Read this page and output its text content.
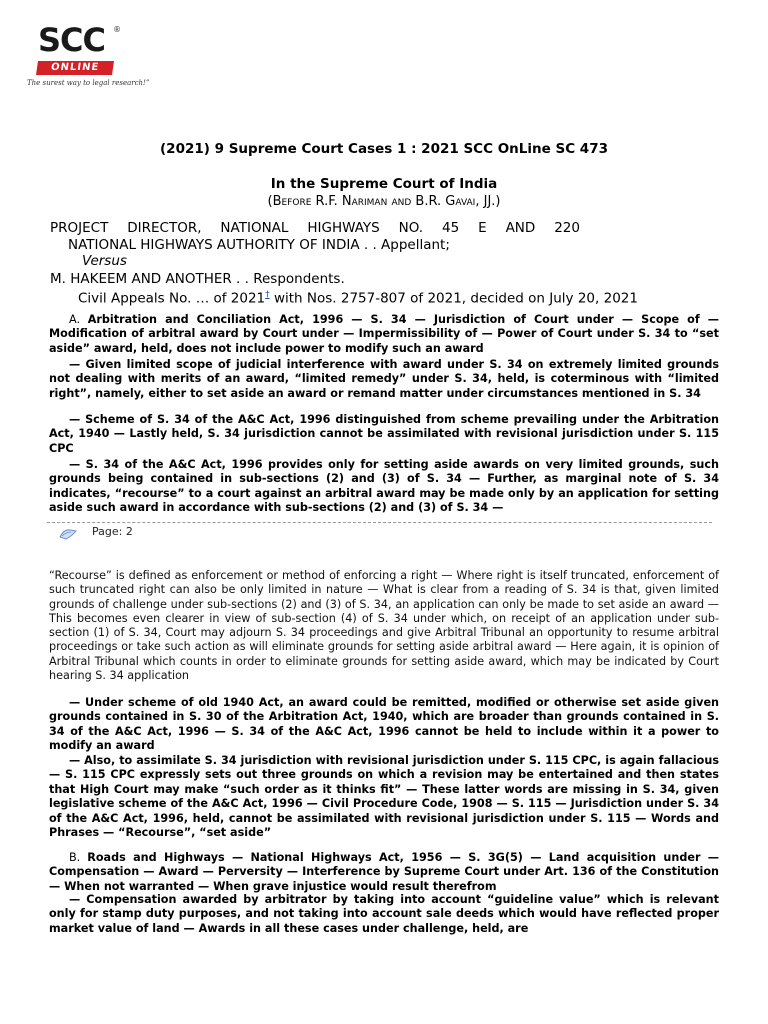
SCC ®
ONLINE
The surest way to legal research!”
(2021) 9 Supreme Court Cases 1 : 2021 SCC OnLine SC 473
In the Supreme Court of India
(Before R.F. Nariman and B.R. Gavai, JJ.)
PROJECT DIRECTOR, NATIONAL HIGHWAYS NO. 45 E AND 220
NATIONAL HIGHWAYS AUTHORITY OF INDIA . . Appellant;
Versus
M. HAKEEM AND ANOTHER . . Respondents.
Civil Appeals No. … of 2021† with Nos. 2757-807 of 2021, decided on July 20, 2021
A. Arbitration and Conciliation Act, 1996 — S. 34 — Jurisdiction of Court under — Scope of — Modification of arbitral award by Court under — Impermissibility of — Power of Court under S. 34 to “set aside” award, held, does not include power to modify such an award
— Given limited scope of judicial interference with award under S. 34 on extremely limited grounds not dealing with merits of an award, “limited remedy” under S. 34, held, is coterminous with “limited right”, namely, either to set aside an award or remand matter under circumstances mentioned in S. 34
— Scheme of S. 34 of the A&C Act, 1996 distinguished from scheme prevailing under the Arbitration Act, 1940 — Lastly held, S. 34 jurisdiction cannot be assimilated with revisional jurisdiction under S. 115 CPC
— S. 34 of the A&C Act, 1996 provides only for setting aside awards on very limited grounds, such grounds being contained in sub-sections (2) and (3) of S. 34 — Further, as marginal note of S. 34 indicates, “recourse” to a court against an arbitral award may be made only by an application for setting aside such award in accordance with sub-sections (2) and (3) of S. 34 —
Page: 2
“Recourse” is defined as enforcement or method of enforcing a right — Where right is itself truncated, enforcement of such truncated right can also be only limited in nature — What is clear from a reading of S. 34 is that, given limited grounds of challenge under sub-sections (2) and (3) of S. 34, an application can only be made to set aside an award — This becomes even clearer in view of sub-section (4) of S. 34 under which, on receipt of an application under sub-section (1) of S. 34, Court may adjourn S. 34 proceedings and give Arbitral Tribunal an opportunity to resume arbitral proceedings or take such action as will eliminate grounds for setting aside arbitral award — Here again, it is opinion of Arbitral Tribunal which counts in order to eliminate grounds for setting aside award, which may be indicated by Court hearing S. 34 application
— Under scheme of old 1940 Act, an award could be remitted, modified or otherwise set aside given grounds contained in S. 30 of the Arbitration Act, 1940, which are broader than grounds contained in S. 34 of the A&C Act, 1996 — S. 34 of the A&C Act, 1996 cannot be held to include within it a power to modify an award
— Also, to assimilate S. 34 jurisdiction with revisional jurisdiction under S. 115 CPC, is again fallacious — S. 115 CPC expressly sets out three grounds on which a revision may be entertained and then states that High Court may make “such order as it thinks fit” — These latter words are missing in S. 34, given legislative scheme of the A&C Act, 1996 — Civil Procedure Code, 1908 — S. 115 — Jurisdiction under S. 34 of the A&C Act, 1996, held, cannot be assimilated with revisional jurisdiction under S. 115 — Words and Phrases — “Recourse”, “set aside”
B. Roads and Highways — National Highways Act, 1956 — S. 3G(5) — Land acquisition under — Compensation — Award — Perversity — Interference by Supreme Court under Art. 136 of the Constitution — When not warranted — When grave injustice would result therefrom
— Compensation awarded by arbitrator by taking into account “guideline value” which is relevant only for stamp duty purposes, and not taking into account sale deeds which would have reflected proper market value of land — Awards in all these cases under challenge, held, are
